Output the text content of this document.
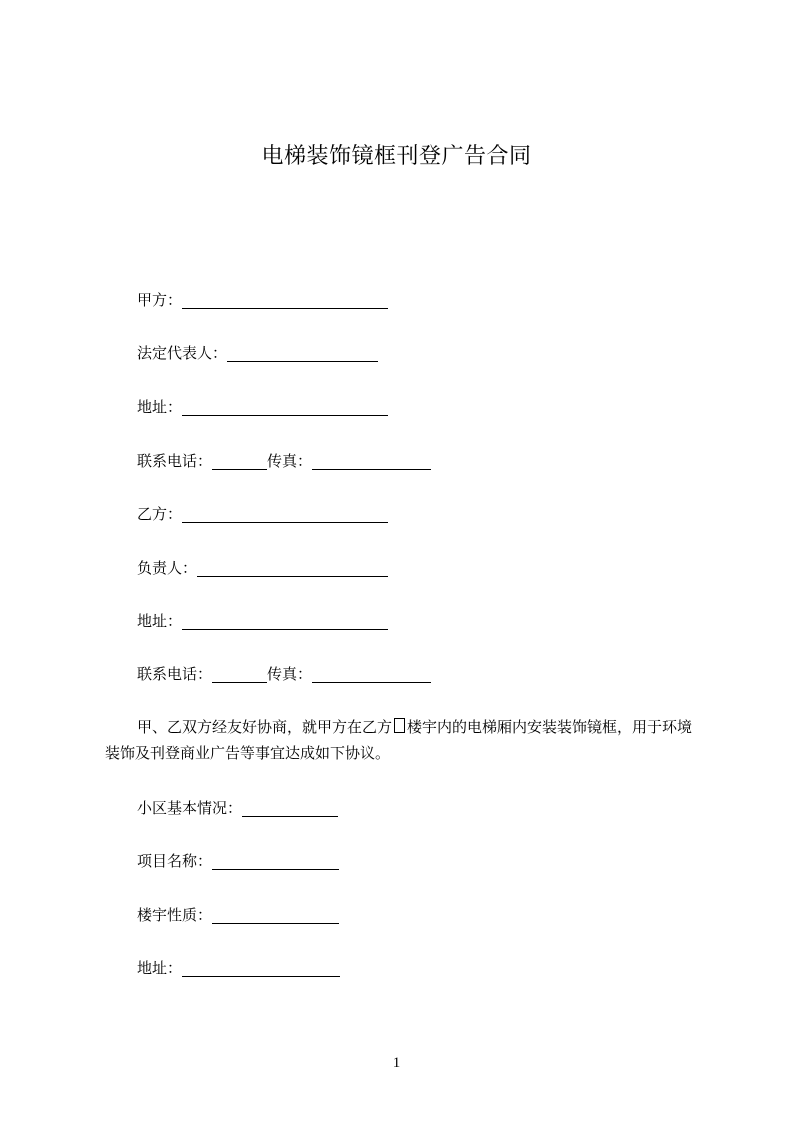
电梯装饰镜框刊登广告合同
甲方：
法定代表人：
地址：
联系电话：	传真：
乙方：
负责人：
地址：
联系电话：	传真：
甲、乙双方经友好协商，就甲方在乙方 楼宇内的电梯厢内安装装饰镜框，用于环境装饰及刊登商业广告等事宜达成如下协议。
小区基本情况：
项目名称：
楼宇性质：
地址：
1
